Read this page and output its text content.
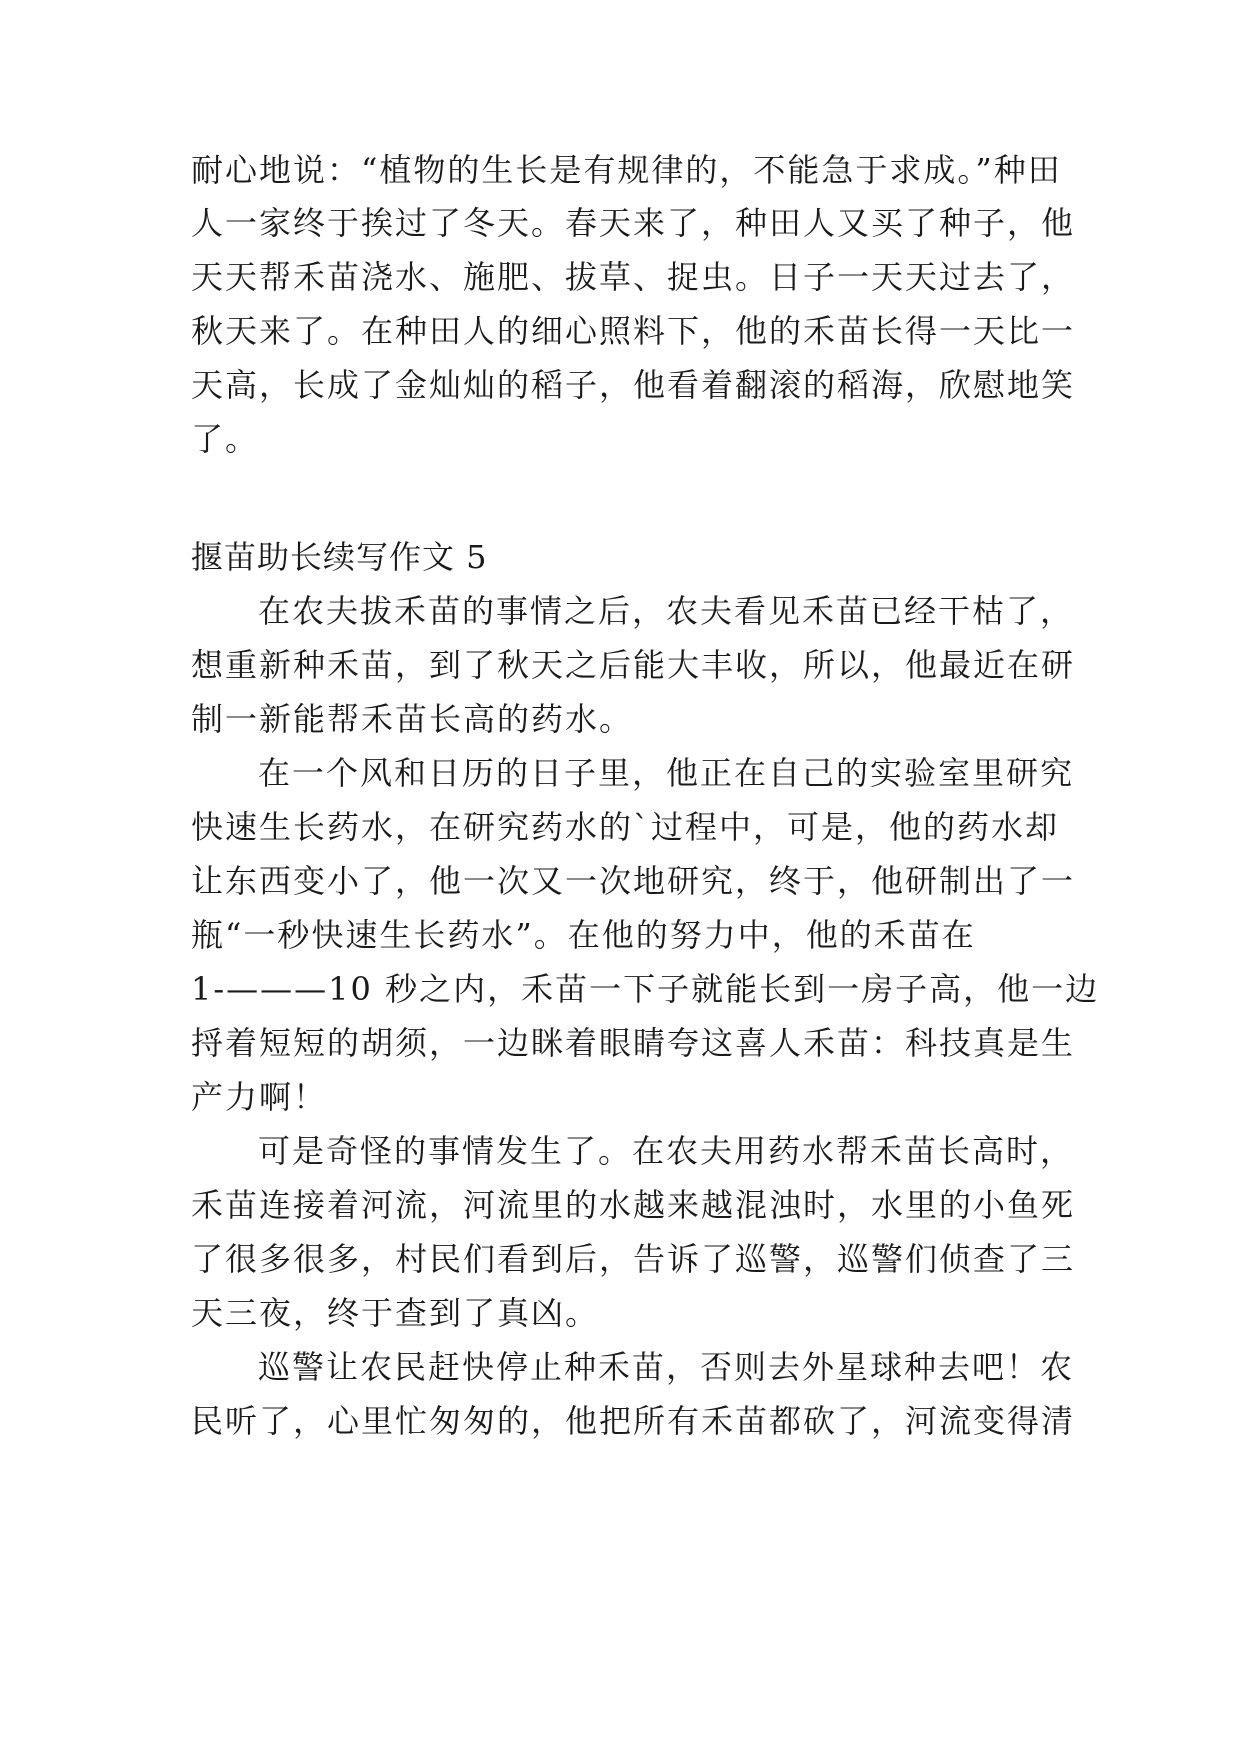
耐心地说：“植物的生长是有规律的，不能急于求成。”种田
人一家终于挨过了冬天。春天来了，种田人又买了种子，他
天天帮禾苗浇水、施肥、拔草、捉虫。日子一天天过去了，
秋天来了。在种田人的细心照料下，他的禾苗长得一天比一
天高，长成了金灿灿的稻子，他看着翻滚的稻海，欣慰地笑
了。
揠苗助长续写作文 5
在农夫拔禾苗的事情之后，农夫看见禾苗已经干枯了，
想重新种禾苗，到了秋天之后能大丰收，所以，他最近在研
制一新能帮禾苗长高的药水。
在一个风和日历的日子里，他正在自己的实验室里研究
快速生长药水，在研究药水的`过程中，可是，他的药水却
让东西变小了，他一次又一次地研究，终于，他研制出了一
瓶“一秒快速生长药水”。在他的努力中，他的禾苗在
1-———10 秒之内，禾苗一下子就能长到一房子高，他一边
捋着短短的胡须，一边眯着眼睛夸这喜人禾苗：科技真是生
产力啊！
可是奇怪的事情发生了。在农夫用药水帮禾苗长高时，
禾苗连接着河流，河流里的水越来越混浊时，水里的小鱼死
了很多很多，村民们看到后，告诉了巡警，巡警们侦查了三
天三夜，终于查到了真凶。
巡警让农民赶快停止种禾苗，否则去外星球种去吧！农
民听了，心里忙匆匆的，他把所有禾苗都砍了，河流变得清
